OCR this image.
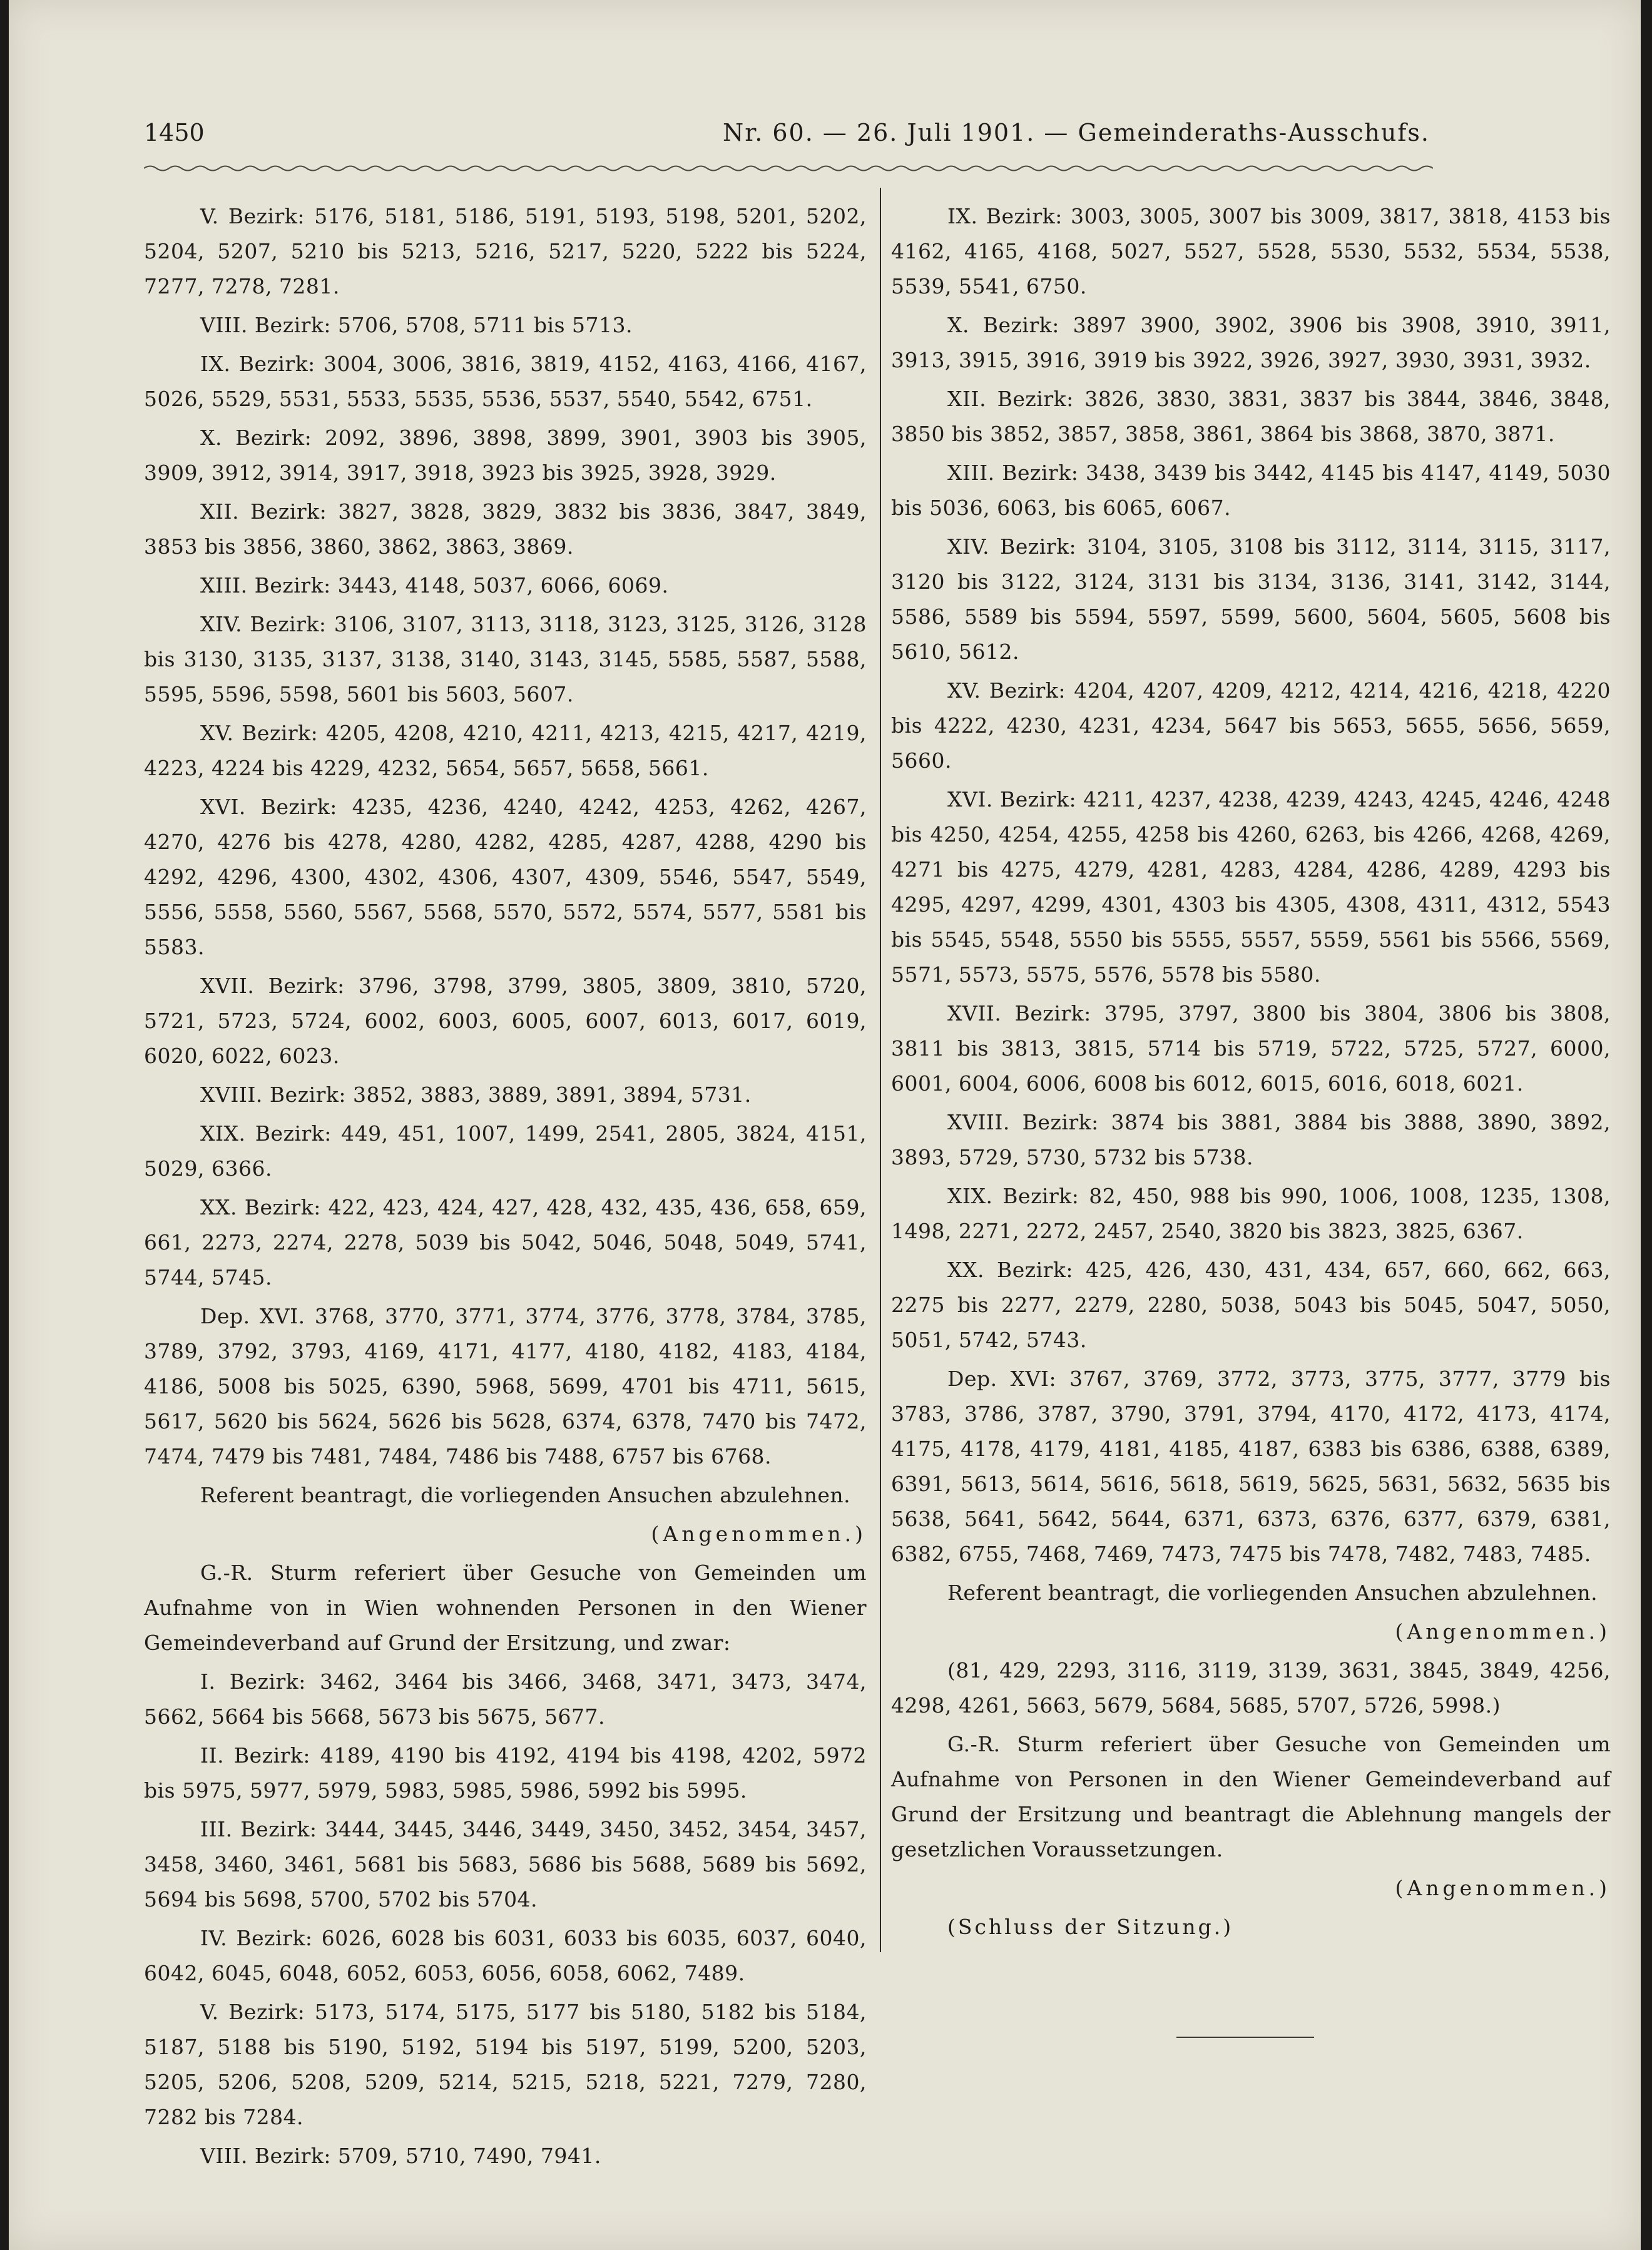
1450	Nr. 60. — 26. Juli 1901. — Gemeinderaths-Ausschufs.

V. Bezirk: 5176, 5181, 5186, 5191, 5193, 5198, 5201, 5202, 5204, 5207, 5210 bis 5213, 5216, 5217, 5220, 5222 bis 5224, 7277, 7278, 7281.

VIII. Bezirk: 5706, 5708, 5711 bis 5713.

IX. Bezirk: 3004, 3006, 3816, 3819, 4152, 4163, 4166, 4167, 5026, 5529, 5531, 5533, 5535, 5536, 5537, 5540, 5542, 6751.

X. Bezirk: 2092, 3896, 3898, 3899, 3901, 3903 bis 3905, 3909, 3912, 3914, 3917, 3918, 3923 bis 3925, 3928, 3929.

XII. Bezirk: 3827, 3828, 3829, 3832 bis 3836, 3847, 3849, 3853 bis 3856, 3860, 3862, 3863, 3869.

XIII. Bezirk: 3443, 4148, 5037, 6066, 6069.

XIV. Bezirk: 3106, 3107, 3113, 3118, 3123, 3125, 3126, 3128 bis 3130, 3135, 3137, 3138, 3140, 3143, 3145, 5585, 5587, 5588, 5595, 5596, 5598, 5601 bis 5603, 5607.

XV. Bezirk: 4205, 4208, 4210, 4211, 4213, 4215, 4217, 4219, 4223, 4224 bis 4229, 4232, 5654, 5657, 5658, 5661.

XVI. Bezirk: 4235, 4236, 4240, 4242, 4253, 4262, 4267, 4270, 4276 bis 4278, 4280, 4282, 4285, 4287, 4288, 4290 bis 4292, 4296, 4300, 4302, 4306, 4307, 4309, 5546, 5547, 5549, 5556, 5558, 5560, 5567, 5568, 5570, 5572, 5574, 5577, 5581 bis 5583.

XVII. Bezirk: 3796, 3798, 3799, 3805, 3809, 3810, 5720, 5721, 5723, 5724, 6002, 6003, 6005, 6007, 6013, 6017, 6019, 6020, 6022, 6023.

XVIII. Bezirk: 3852, 3883, 3889, 3891, 3894, 5731.

XIX. Bezirk: 449, 451, 1007, 1499, 2541, 2805, 3824, 4151, 5029, 6366.

XX. Bezirk: 422, 423, 424, 427, 428, 432, 435, 436, 658, 659, 661, 2273, 2274, 2278, 5039 bis 5042, 5046, 5048, 5049, 5741, 5744, 5745.

Dep. XVI. 3768, 3770, 3771, 3774, 3776, 3778, 3784, 3785, 3789, 3792, 3793, 4169, 4171, 4177, 4180, 4182, 4183, 4184, 4186, 5008 bis 5025, 6390, 5968, 5699, 4701 bis 4711, 5615, 5617, 5620 bis 5624, 5626 bis 5628, 6374, 6378, 7470 bis 7472, 7474, 7479 bis 7481, 7484, 7486 bis 7488, 6757 bis 6768.

Referent beantragt, die vorliegenden Ansuchen abzulehnen.

(Angenommen.)

G.-R. Sturm referiert über Gesuche von Gemeinden um Aufnahme von in Wien wohnenden Personen in den Wiener Gemeindeverband auf Grund der Ersitzung, und zwar:

I. Bezirk: 3462, 3464 bis 3466, 3468, 3471, 3473, 3474, 5662, 5664 bis 5668, 5673 bis 5675, 5677.

II. Bezirk: 4189, 4190 bis 4192, 4194 bis 4198, 4202, 5972 bis 5975, 5977, 5979, 5983, 5985, 5986, 5992 bis 5995.

III. Bezirk: 3444, 3445, 3446, 3449, 3450, 3452, 3454, 3457, 3458, 3460, 3461, 5681 bis 5683, 5686 bis 5688, 5689 bis 5692, 5694 bis 5698, 5700, 5702 bis 5704.

IV. Bezirk: 6026, 6028 bis 6031, 6033 bis 6035, 6037, 6040, 6042, 6045, 6048, 6052, 6053, 6056, 6058, 6062, 7489.

V. Bezirk: 5173, 5174, 5175, 5177 bis 5180, 5182 bis 5184, 5187, 5188 bis 5190, 5192, 5194 bis 5197, 5199, 5200, 5203, 5205, 5206, 5208, 5209, 5214, 5215, 5218, 5221, 7279, 7280, 7282 bis 7284.

VIII. Bezirk: 5709, 5710, 7490, 7941.

IX. Bezirk: 3003, 3005, 3007 bis 3009, 3817, 3818, 4153 bis 4162, 4165, 4168, 5027, 5527, 5528, 5530, 5532, 5534, 5538, 5539, 5541, 6750.

X. Bezirk: 3897 3900, 3902, 3906 bis 3908, 3910, 3911, 3913, 3915, 3916, 3919 bis 3922, 3926, 3927, 3930, 3931, 3932.

XII. Bezirk: 3826, 3830, 3831, 3837 bis 3844, 3846, 3848, 3850 bis 3852, 3857, 3858, 3861, 3864 bis 3868, 3870, 3871.

XIII. Bezirk: 3438, 3439 bis 3442, 4145 bis 4147, 4149, 5030 bis 5036, 6063, bis 6065, 6067.

XIV. Bezirk: 3104, 3105, 3108 bis 3112, 3114, 3115, 3117, 3120 bis 3122, 3124, 3131 bis 3134, 3136, 3141, 3142, 3144, 5586, 5589 bis 5594, 5597, 5599, 5600, 5604, 5605, 5608 bis 5610, 5612.

XV. Bezirk: 4204, 4207, 4209, 4212, 4214, 4216, 4218, 4220 bis 4222, 4230, 4231, 4234, 5647 bis 5653, 5655, 5656, 5659, 5660.

XVI. Bezirk: 4211, 4237, 4238, 4239, 4243, 4245, 4246, 4248 bis 4250, 4254, 4255, 4258 bis 4260, 6263, bis 4266, 4268, 4269, 4271 bis 4275, 4279, 4281, 4283, 4284, 4286, 4289, 4293 bis 4295, 4297, 4299, 4301, 4303 bis 4305, 4308, 4311, 4312, 5543 bis 5545, 5548, 5550 bis 5555, 5557, 5559, 5561 bis 5566, 5569, 5571, 5573, 5575, 5576, 5578 bis 5580.

XVII. Bezirk: 3795, 3797, 3800 bis 3804, 3806 bis 3808, 3811 bis 3813, 3815, 5714 bis 5719, 5722, 5725, 5727, 6000, 6001, 6004, 6006, 6008 bis 6012, 6015, 6016, 6018, 6021.

XVIII. Bezirk: 3874 bis 3881, 3884 bis 3888, 3890, 3892, 3893, 5729, 5730, 5732 bis 5738.

XIX. Bezirk: 82, 450, 988 bis 990, 1006, 1008, 1235, 1308, 1498, 2271, 2272, 2457, 2540, 3820 bis 3823, 3825, 6367.

XX. Bezirk: 425, 426, 430, 431, 434, 657, 660, 662, 663, 2275 bis 2277, 2279, 2280, 5038, 5043 bis 5045, 5047, 5050, 5051, 5742, 5743.

Dep. XVI: 3767, 3769, 3772, 3773, 3775, 3777, 3779 bis 3783, 3786, 3787, 3790, 3791, 3794, 4170, 4172, 4173, 4174, 4175, 4178, 4179, 4181, 4185, 4187, 6383 bis 6386, 6388, 6389, 6391, 5613, 5614, 5616, 5618, 5619, 5625, 5631, 5632, 5635 bis 5638, 5641, 5642, 5644, 6371, 6373, 6376, 6377, 6379, 6381, 6382, 6755, 7468, 7469, 7473, 7475 bis 7478, 7482, 7483, 7485.

Referent beantragt, die vorliegenden Ansuchen abzulehnen.

(Angenommen.)

(81, 429, 2293, 3116, 3119, 3139, 3631, 3845, 3849, 4256, 4298, 4261, 5663, 5679, 5684, 5685, 5707, 5726, 5998.)

G.-R. Sturm referiert über Gesuche von Gemeinden um Aufnahme von Personen in den Wiener Gemeindeverband auf Grund der Ersitzung und beantragt die Ablehnung mangels der gesetzlichen Voraussetzungen.

(Angenommen.)

(Schluss der Sitzung.)
